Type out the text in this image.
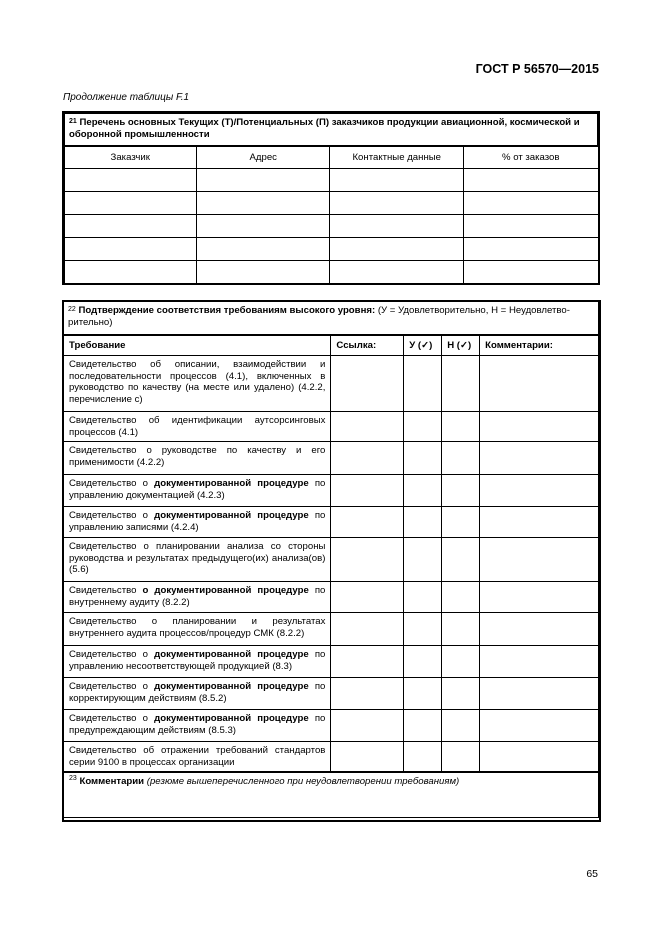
ГОСТ Р 56570—2015
Продолжение таблицы F.1
$^{21}$ Перечень основных Текущих (Т)/Потенциальных (П) заказчиков продукции авиационной, космической и оборонной промышленности			
Заказчик	Адрес	Контактные данные	% от заказов

$^{22}$ Подтверждение соответствия требованиям высокого уровня: (У = Удовлетворительно, Н = Неудовлетво-рительно)				
Требование	Ссылка:	У (✓)	Н (✓)	Комментарии:
Свидетельство об описании, взаимодействии и последовательности процессов (4.1), включенных в руководство по качеству (на месте или удалено) (4.2.2, перечисление с)				
Свидетельство об идентификации аутсорсинговых процессов (4.1)				
Свидетельство о руководстве по качеству и его применимости (4.2.2)				
Свидетельство о документированной процедуре по управлению документацией (4.2.3)				
Свидетельство о документированной процедуре по управлению записями (4.2.4)				
Свидетельство о планировании анализа со стороны руководства и результатах предыдущего(их) анализа(ов) (5.6)				
Свидетельство о документированной процедуре по внутреннему аудиту (8.2.2)				
Свидетельство о планировании и результатах внутреннего аудита процессов/процедур СМК (8.2.2)				
Свидетельство о документированной процедуре по управлению несоответствующей продукцией (8.3)				
Свидетельство о документированной процедуре по корректирующим действиям (8.5.2)				
Свидетельство о документированной процедуре по предупреждающим действиям (8.5.3)				
Свидетельство об отражении требований стандартов серии 9100 в процессах организации				
$^{23}$ Комментарии (резюме вышеперечисленного при неудовлетворении требованиям)				
65
